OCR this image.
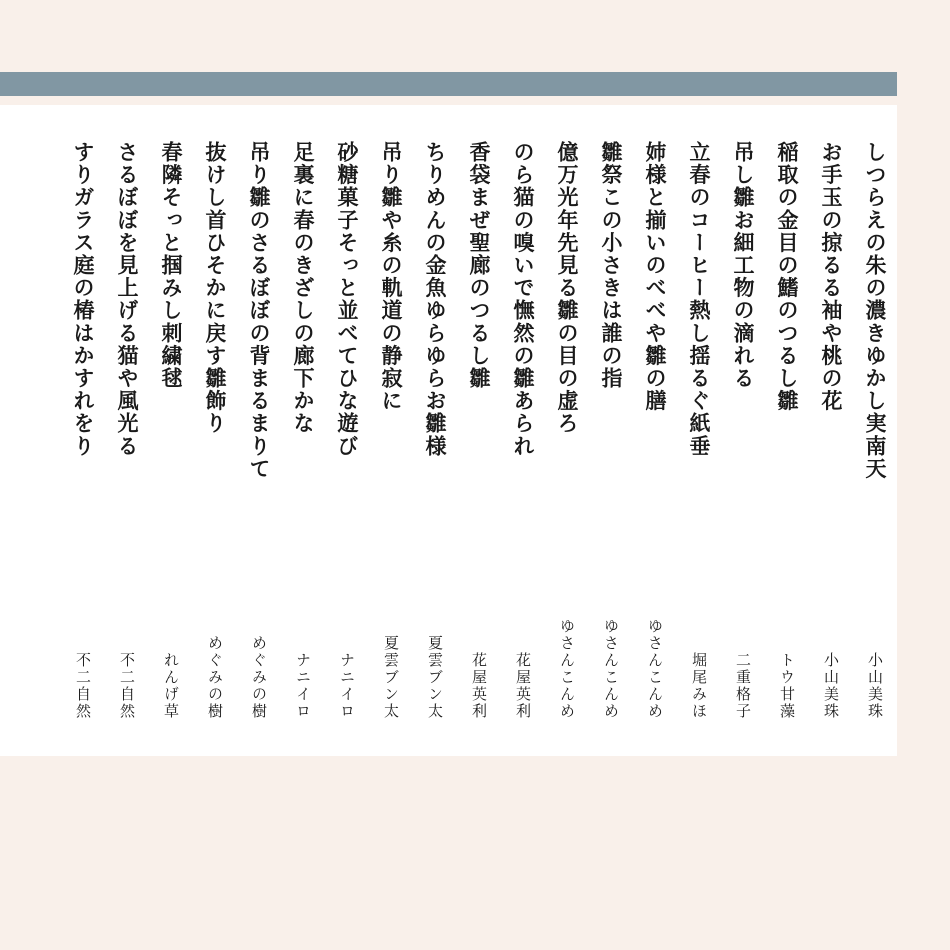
しつらえの朱の濃きゆかし実南天
小山美珠
お手玉の掠るる袖や桃の花
小山美珠
稲取の金目の鰭のつるし雛
トウ甘藻
吊し雛お細工物の滴れる
二重格子
立春のコーヒー熱し揺るぐ紙垂
堀尾みほ
姉様と揃いのべべや雛の膳
ゆさんこんめ
雛祭この小さきは誰の指
ゆさんこんめ
億万光年先見る雛の目の虚ろ
ゆさんこんめ
のら猫の嗅いで憮然の雛あられ
花屋英利
香袋まぜ聖廊のつるし雛
花屋英利
ちりめんの金魚ゆらゆらお雛様
夏雲ブン太
吊り雛や糸の軌道の静寂に
夏雲ブン太
砂糖菓子そっと並べてひな遊び
ナニイロ
足裏に春のきざしの廊下かな
ナニイロ
吊り雛のさるぼぼの背まるまりて
めぐみの樹
抜けし首ひそかに戻す雛飾り
めぐみの樹
春隣そっと掴みし刺繍毬
れんげ草
さるぼぼを見上げる猫や風光る
不二自然
すりガラス庭の椿はかすれをり
不二自然
